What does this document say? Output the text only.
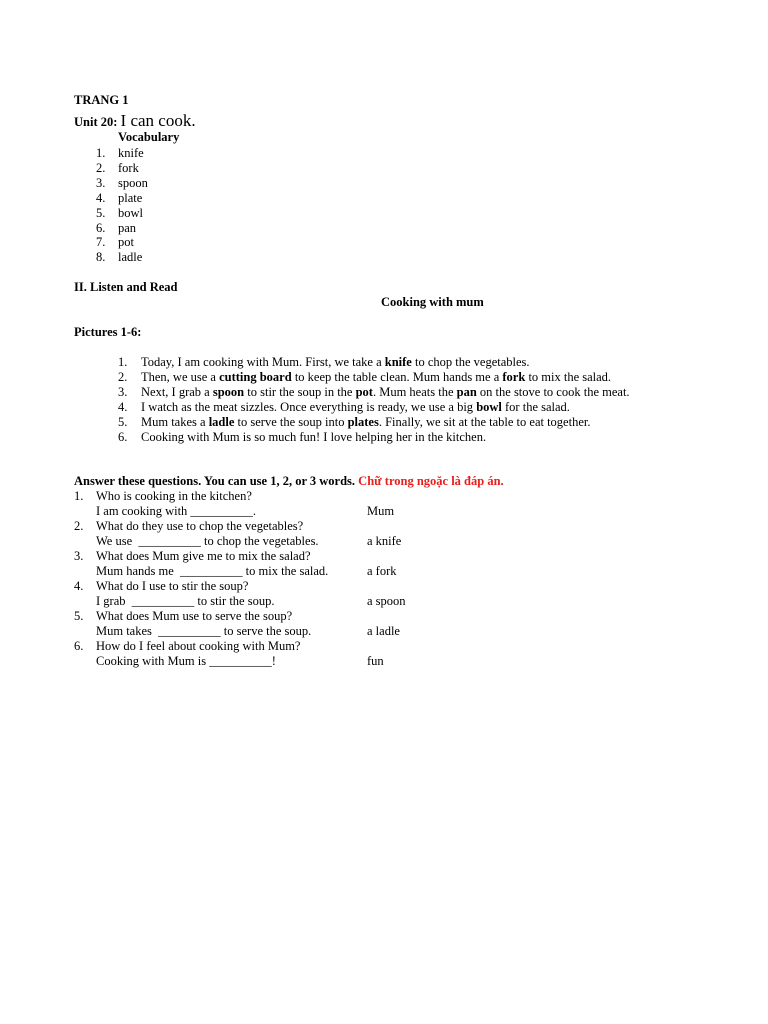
TRANG 1
Unit 20: I can cook.
Vocabulary
1. knife
2. fork
3. spoon
4. plate
5. bowl
6. pan
7. pot
8. ladle
II. Listen and Read
Cooking with mum
Pictures 1-6:
1. Today, I am cooking with Mum. First, we take a knife to chop the vegetables.
2. Then, we use a cutting board to keep the table clean. Mum hands me a fork to mix the salad.
3. Next, I grab a spoon to stir the soup in the pot. Mum heats the pan on the stove to cook the meat.
4. I watch as the meat sizzles. Once everything is ready, we use a big bowl for the salad.
5. Mum takes a ladle to serve the soup into plates. Finally, we sit at the table to eat together.
6. Cooking with Mum is so much fun! I love helping her in the kitchen.
Answer these questions. You can use 1, 2, or 3 words. Chữ trong ngoặc là đáp án.
1. Who is cooking in the kitchen?
I am cooking with __________.	Mum
2. What do they use to chop the vegetables?
We use  __________ to chop the vegetables.	a knife
3. What does Mum give me to mix the salad?
Mum hands me  __________ to mix the salad.	a fork
4. What do I use to stir the soup?
I grab  __________ to stir the soup.	a spoon
5. What does Mum use to serve the soup?
Mum takes  __________ to serve the soup.	a ladle
6. How do I feel about cooking with Mum?
Cooking with Mum is __________!	fun
